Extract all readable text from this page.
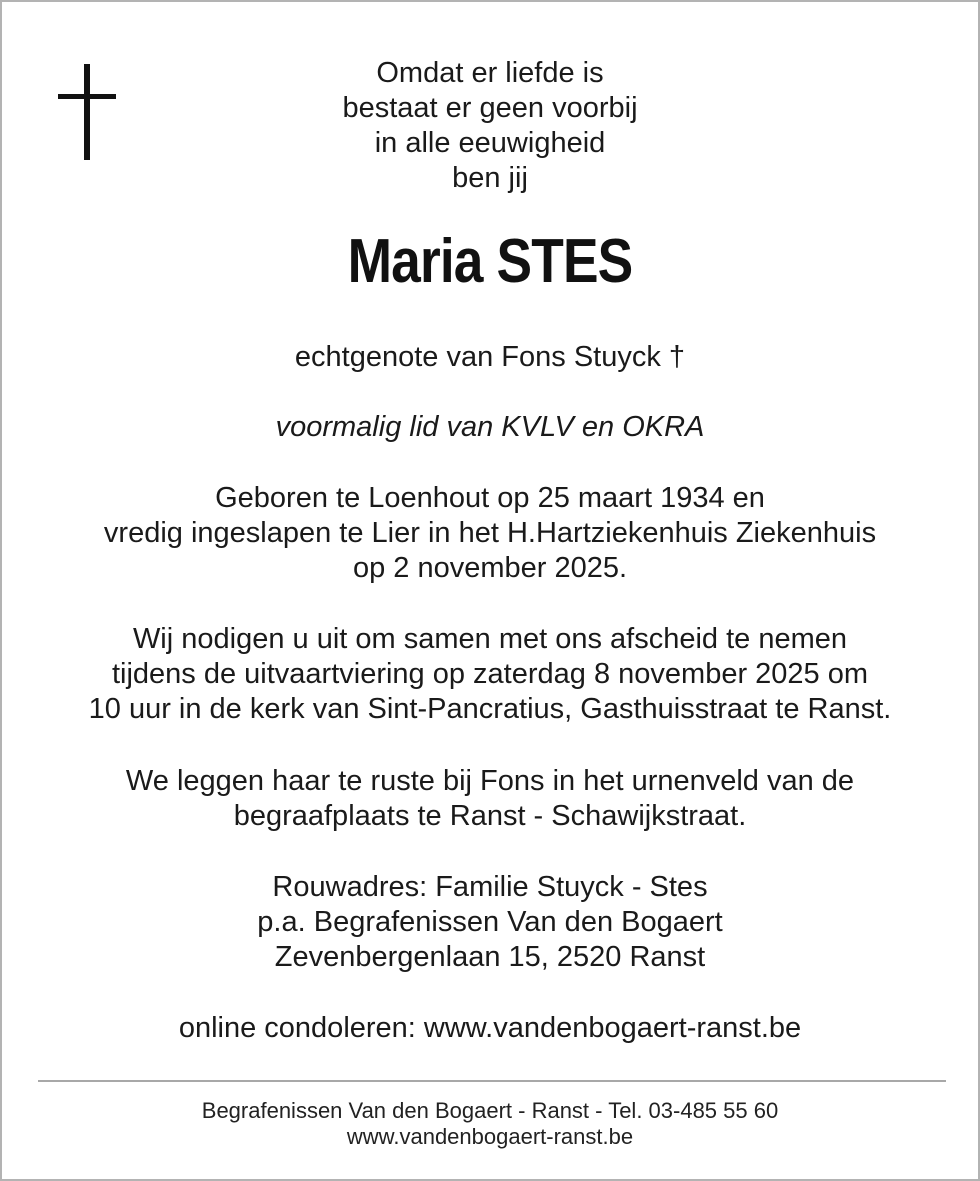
Omdat er liefde is
bestaat er geen voorbij
in alle eeuwigheid
ben jij
Maria STES
echtgenote van Fons Stuyck †
voormalig lid van KVLV en OKRA
Geboren te Loenhout op 25 maart 1934 en
vredig ingeslapen te Lier in het H.Hartziekenhuis Ziekenhuis
op 2 november 2025.
Wij nodigen u uit om samen met ons afscheid te nemen
tijdens de uitvaartviering op zaterdag 8 november 2025 om
10 uur in de kerk van Sint-Pancratius, Gasthuisstraat te Ranst.
We leggen haar te ruste bij Fons in het urnenveld van de
begraafplaats te Ranst - Schawijkstraat.
Rouwadres: Familie Stuyck - Stes
p.a. Begrafenissen Van den Bogaert
Zevenbergenlaan 15, 2520 Ranst
online condoleren: www.vandenbogaert-ranst.be
Begrafenissen Van den Bogaert - Ranst - Tel. 03-485 55 60
www.vandenbogaert-ranst.be
